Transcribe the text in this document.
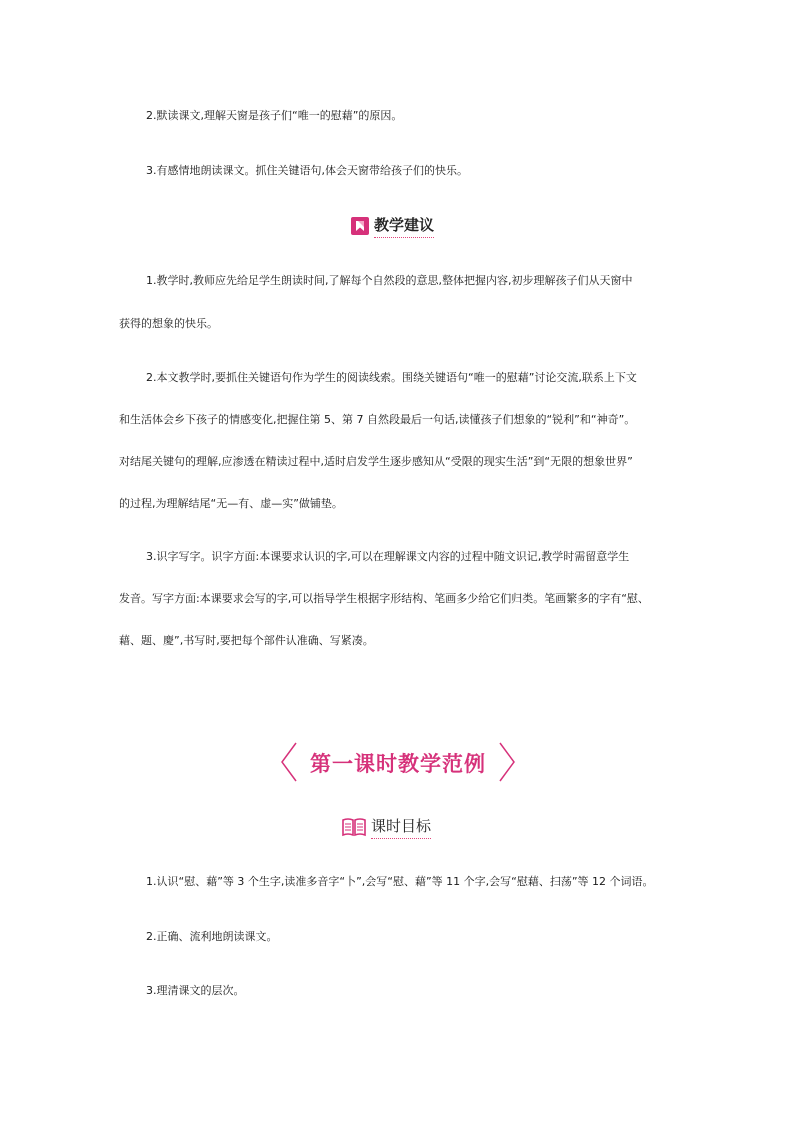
2.默读课文,理解天窗是孩子们“唯一的慰藉”的原因。

3.有感情地朗读课文。抓住关键语句,体会天窗带给孩子们的快乐。

教学建议

1.教学时,教师应先给足学生朗读时间,了解每个自然段的意思,整体把握内容,初步理解孩子们从天窗中

获得的想象的快乐。

2.本文教学时,要抓住关键语句作为学生的阅读线索。围绕关键语句“唯一的慰藉”讨论交流,联系上下文

和生活体会乡下孩子的情感变化,把握住第 5、第 7 自然段最后一句话,读懂孩子们想象的“锐利”和“神奇”。

对结尾关键句的理解,应渗透在精读过程中,适时启发学生逐步感知从“受限的现实生活”到“无限的想象世界”

的过程,为理解结尾“无—有、虚—实”做铺垫。

3.识字写字。识字方面:本课要求认识的字,可以在理解课文内容的过程中随文识记,教学时需留意学生

发音。写字方面:本课要求会写的字,可以指导学生根据字形结构、笔画多少给它们归类。笔画繁多的字有“慰、

藉、题、慶”,书写时,要把每个部件认准确、写紧凑。

第一课时教学范例
课时目标

1.认识“慰、藉”等 3 个生字,读准多音字“卜”,会写“慰、藉”等 11 个字,会写“慰藉、扫荡”等 12 个词语。

2.正确、流利地朗读课文。

3.理清课文的层次。
